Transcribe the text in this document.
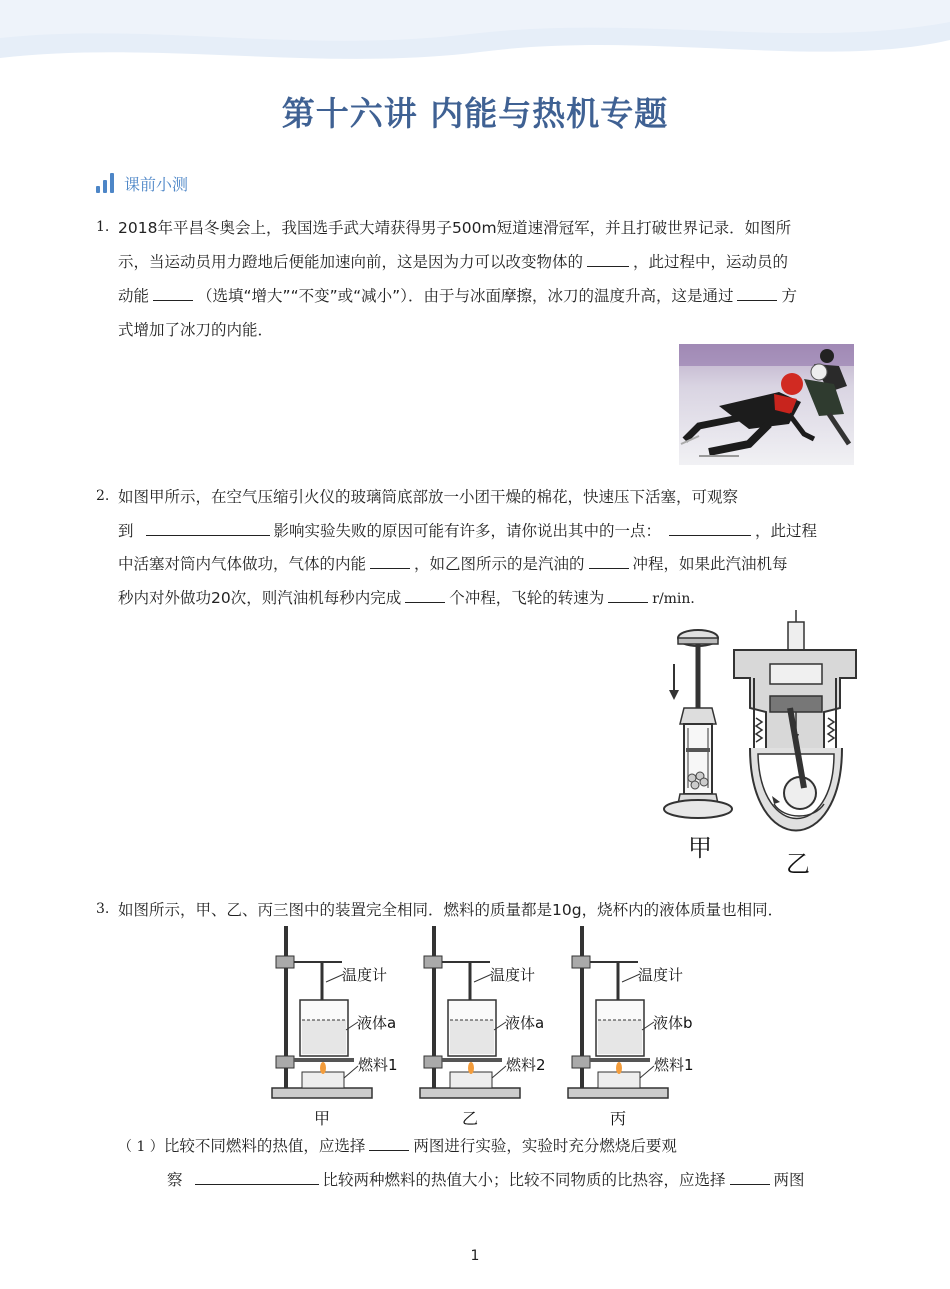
第十六讲 内能与热机专题
课前小测
1. 2018年平昌冬奥会上，我国选手武大靖获得男子500m短道速滑冠军，并且打破世界记录．如图所
示，当运动员用力蹬地后便能加速向前，这是因为力可以改变物体的	，此过程中，运动员的
动能	（选填“增大”“不变”或“减小”）．由于与冰面摩擦，冰刀的温度升高，这是通过	方
式增加了冰刀的内能．
2. 如图甲所示，在空气压缩引火仪的玻璃筒底部放一小团干燥的棉花，快速压下活塞，可观察
到	影响实验失败的原因可能有许多，请你说出其中的一点：	，此过程
中活塞对筒内气体做功，气体的内能	，如乙图所示的是汽油的	冲程，如果此汽油机每
秒内对外做功20次，则汽油机每秒内完成	个冲程，飞轮的转速为	r/min．
甲
乙
3. 如图所示，甲、乙、丙三图中的装置完全相同．燃料的质量都是10g，烧杯内的液体质量也相同．
温度计
液体a
燃料1
甲
温度计
液体a
燃料2
乙
温度计
液体b
燃料1
丙
（ 1 ）比较不同燃料的热值，应选择	两图进行实验，实验时充分燃烧后要观
察	比较两种燃料的热值大小；比较不同物质的比热容，应选择	两图
1
